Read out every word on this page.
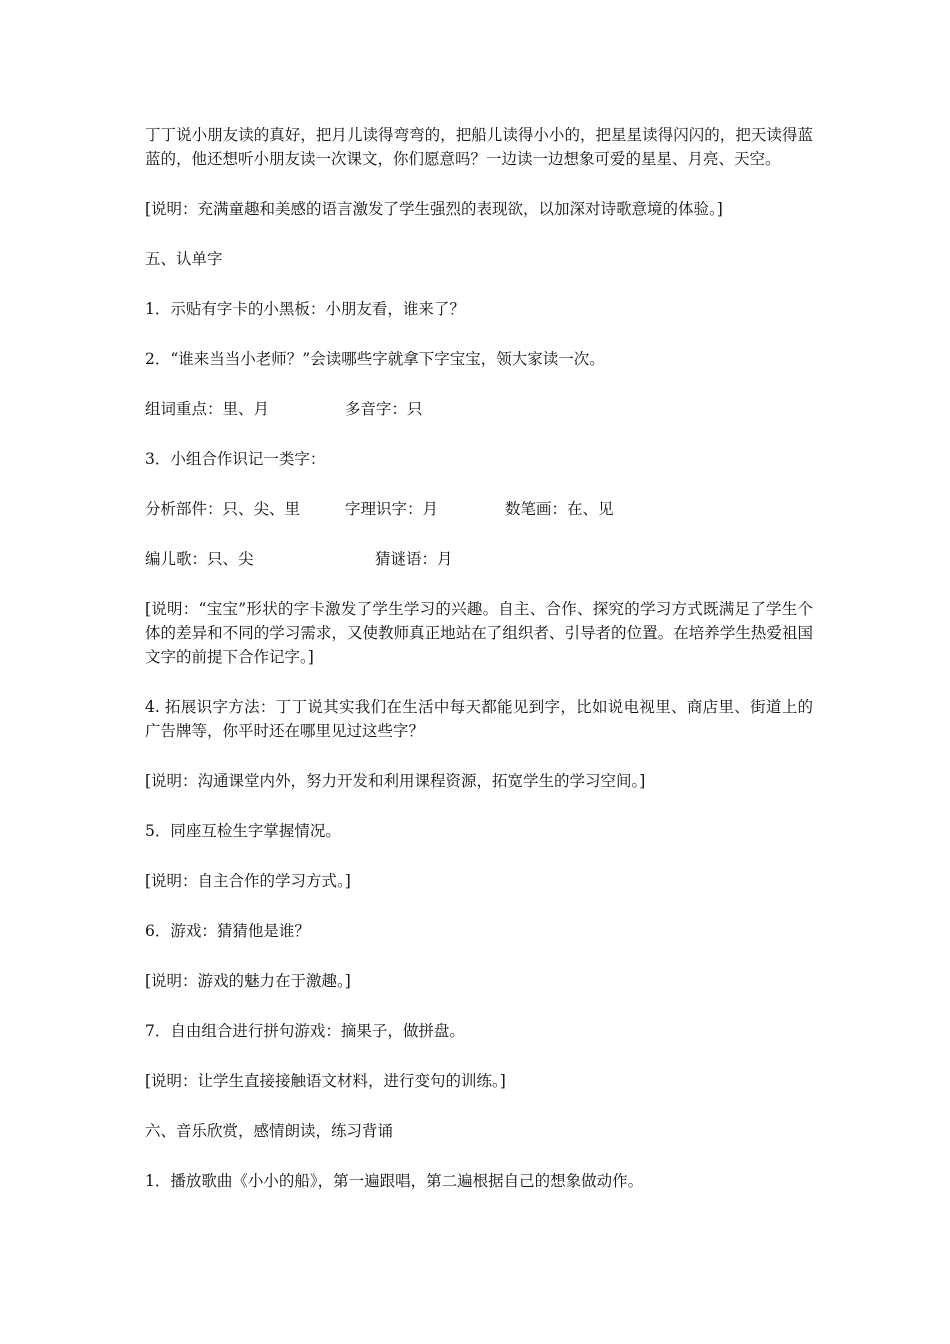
丁丁说小朋友读的真好，把月儿读得弯弯的，把船儿读得小小的，把星星读得闪闪的，把天读得蓝蓝的，他还想听小朋友读一次课文，你们愿意吗？一边读一边想象可爱的星星、月亮、天空。

[说明：充满童趣和美感的语言激发了学生强烈的表现欲，以加深对诗歌意境的体验。]

五、认单字

1．示贴有字卡的小黑板：小朋友看，谁来了？

2．“谁来当当小老师？”会读哪些字就拿下字宝宝，领大家读一次。

组词重点：里、月	多音字：只

3．小组合作识记一类字：

分析部件：只、尖、里	字理识字：月	数笔画：在、见
编儿歌：只、尖	猜谜语：月

[说明：“宝宝”形状的字卡激发了学生学习的兴趣。自主、合作、探究的学习方式既满足了学生个体的差异和不同的学习需求，又使教师真正地站在了组织者、引导者的位置。在培养学生热爱祖国文字的前提下合作记字。]

4. 拓展识字方法：丁丁说其实我们在生活中每天都能见到字，比如说电视里、商店里、街道上的广告牌等，你平时还在哪里见过这些字？

[说明：沟通课堂内外，努力开发和利用课程资源，拓宽学生的学习空间。]

5．同座互检生字掌握情况。

[说明：自主合作的学习方式。]

6．游戏：猜猜他是谁？

[说明：游戏的魅力在于激趣。]

7．自由组合进行拼句游戏：摘果子，做拼盘。

[说明：让学生直接接触语文材料，进行变句的训练。]

六、音乐欣赏，感情朗读，练习背诵

1．播放歌曲《小小的船》，第一遍跟唱，第二遍根据自己的想象做动作。
